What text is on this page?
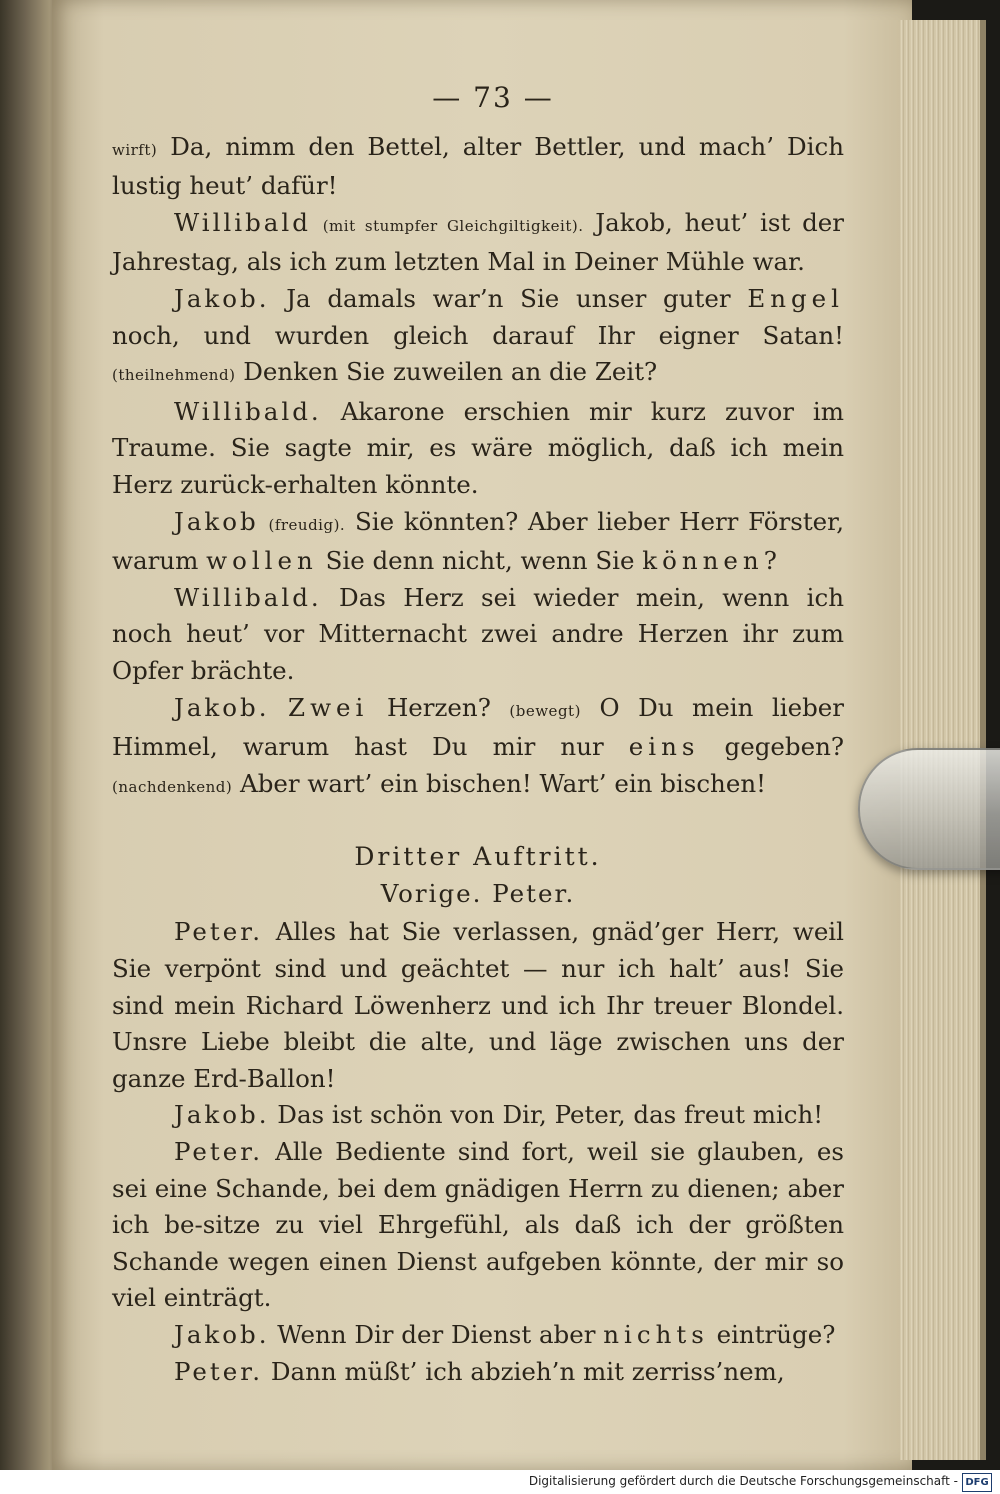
— 73 —

wirft) Da, nimm den Bettel, alter Bettler, und mach’ Dich lustig heut’ dafür!

Willibald (mit stumpfer Gleichgiltigkeit). Jakob, heut’ ist der Jahrestag, als ich zum letzten Mal in Deiner Mühle war.

Jakob. Ja damals war’n Sie unser guter Engel noch, und wurden gleich darauf Ihr eigner Satan! (theilnehmend) Denken Sie zuweilen an die Zeit?

Willibald. Akarone erschien mir kurz zuvor im Traume. Sie sagte mir, es wäre möglich, daß ich mein Herz zurück-erhalten könnte.

Jakob (freudig). Sie könnten? Aber lieber Herr Förster, warum wollen Sie denn nicht, wenn Sie können?

Willibald. Das Herz sei wieder mein, wenn ich noch heut’ vor Mitternacht zwei andre Herzen ihr zum Opfer brächte.

Jakob. Zwei Herzen? (bewegt) O Du mein lieber Himmel, warum hast Du mir nur eins gegeben? (nachdenkend) Aber wart’ ein bischen! Wart’ ein bischen!

Dritter Auftritt.
Vorige. Peter.

Peter. Alles hat Sie verlassen, gnäd’ger Herr, weil Sie verpönt sind und geächtet — nur ich halt’ aus! Sie sind mein Richard Löwenherz und ich Ihr treuer Blondel. Unsre Liebe bleibt die alte, und läge zwischen uns der ganze Erd-Ballon!

Jakob. Das ist schön von Dir, Peter, das freut mich!

Peter. Alle Bediente sind fort, weil sie glauben, es sei eine Schande, bei dem gnädigen Herrn zu dienen; aber ich be-sitze zu viel Ehrgefühl, als daß ich der größten Schande wegen einen Dienst aufgeben könnte, der mir so viel einträgt.

Jakob. Wenn Dir der Dienst aber nichts eintrüge?

Peter. Dann müßt’ ich abzieh’n mit zerriss’nem,

Digitalisierung gefördert durch die Deutsche Forschungsgemeinschaft - DFG
